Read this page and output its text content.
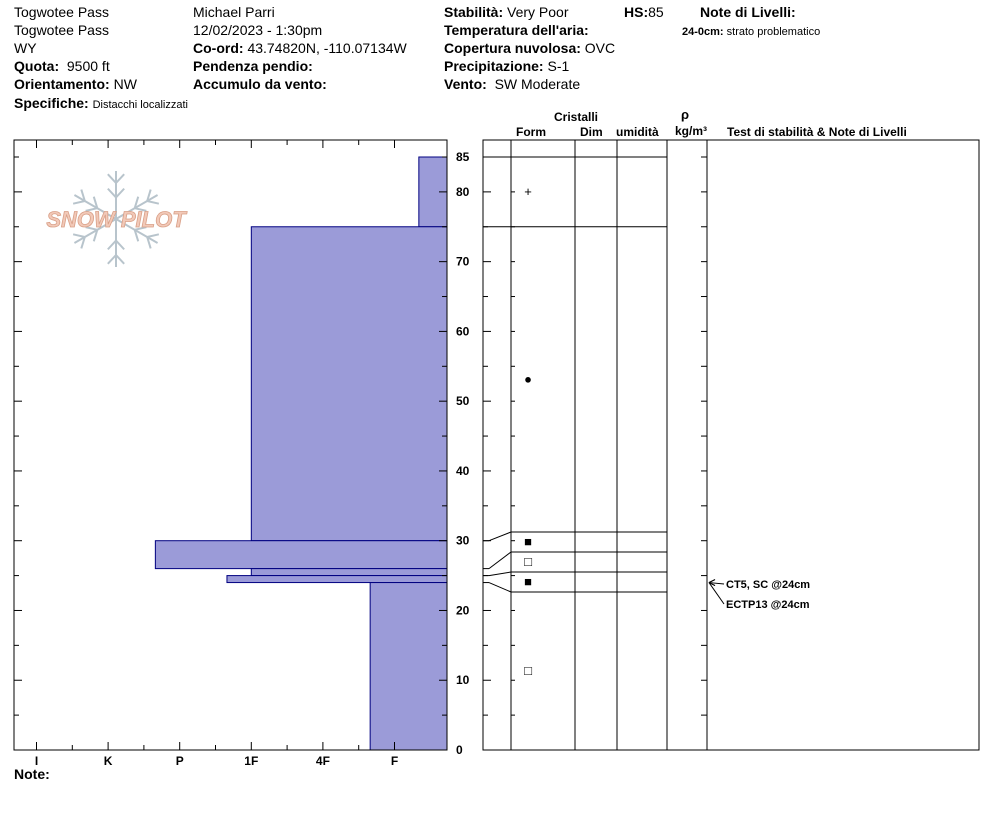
Togwotee Pass
Togwotee Pass
WY
Quota: 9500 ft
Orientamento: NW
Specifiche: Distacchi localizzati
Michael Parri
12/02/2023 - 1:30pm
Co-ord: 43.74820N, -110.07134W
Pendenza pendio:
Accumulo da vento:
Stabilità: Very Poor	HS:85
Temperatura dell'aria:
Copertura nuvolosa: OVC
Precipitazione: S-1
Vento: SW Moderate
Note di Livelli:
24-0cm: strato problematico
Cristalli
Form	Dim umidità
ρ
kg/m³ Test di stabilità & Note di Livelli
Note:
SNOW PILOT
0
10
20
30
40
50
60
70
80
85
I	K	P	1F	4F	F
+
●
■
□
■
□
CT5, SC @24cm
ECTP13 @24cm
